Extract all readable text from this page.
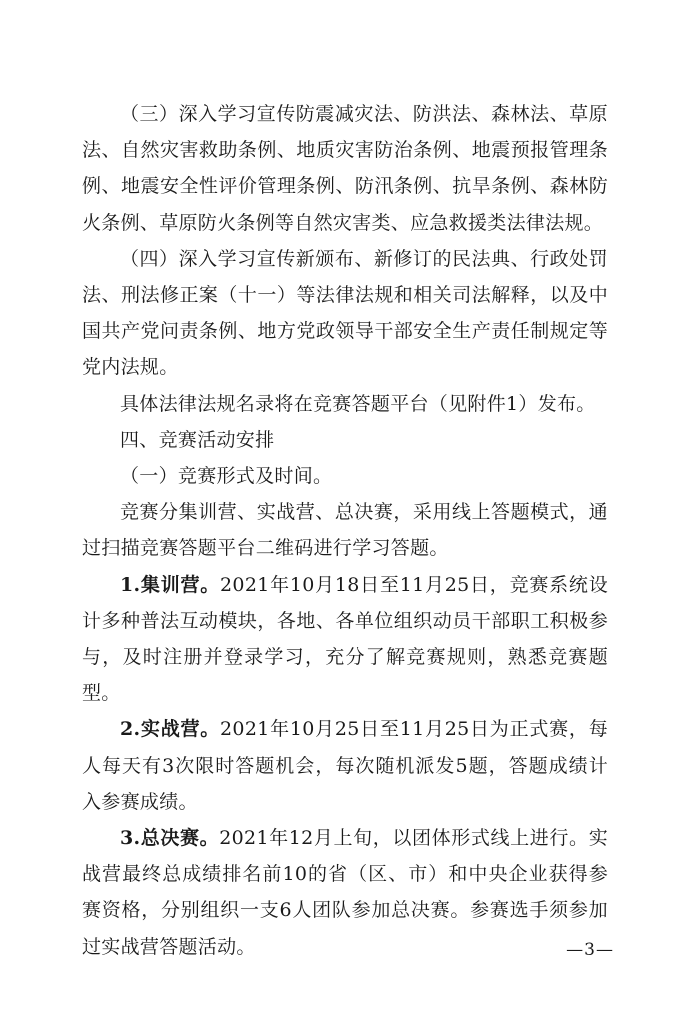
（三）深入学习宣传防震减灾法、防洪法、森林法、草原法、自然灾害救助条例、地质灾害防治条例、地震预报管理条例、地震安全性评价管理条例、防汛条例、抗旱条例、森林防火条例、草原防火条例等自然灾害类、应急救援类法律法规。

（四）深入学习宣传新颁布、新修订的民法典、行政处罚法、刑法修正案（十一）等法律法规和相关司法解释，以及中国共产党问责条例、地方党政领导干部安全生产责任制规定等党内法规。

具体法律法规名录将在竞赛答题平台（见附件1）发布。

四、竞赛活动安排

（一）竞赛形式及时间。

竞赛分集训营、实战营、总决赛，采用线上答题模式，通过扫描竞赛答题平台二维码进行学习答题。

1.集训营。2021年10月18日至11月25日，竞赛系统设计多种普法互动模块，各地、各单位组织动员干部职工积极参与，及时注册并登录学习，充分了解竞赛规则，熟悉竞赛题型。

2.实战营。2021年10月25日至11月25日为正式赛，每人每天有3次限时答题机会，每次随机派发5题，答题成绩计入参赛成绩。

3.总决赛。2021年12月上旬，以团体形式线上进行。实战营最终总成绩排名前10的省（区、市）和中央企业获得参赛资格，分别组织一支6人团队参加总决赛。参赛选手须参加过实战营答题活动。	—3—
